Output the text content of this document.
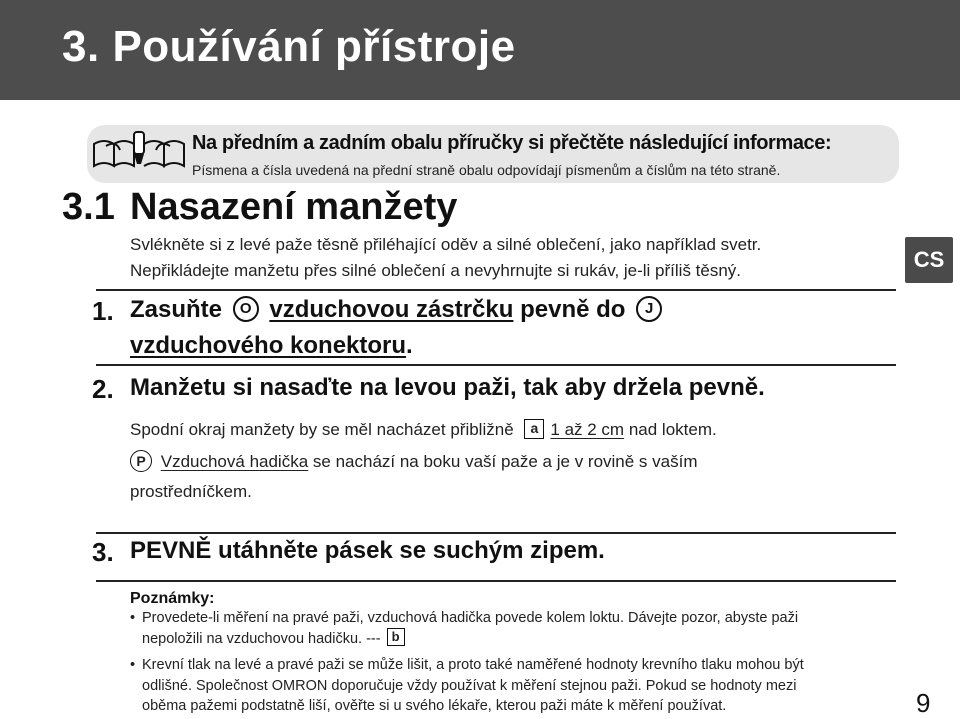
3. Používání přístroje
Na předním a zadním obalu příručky si přečtěte následující informace:
Písmena a čísla uvedená na přední straně obalu odpovídají písmenům a číslům na této straně.
3.1 Nasazení manžety
Svlékněte si z levé paže těsně přiléhající oděv a silné oblečení, jako například svetr.
Nepřikládejte manžetu přes silné oblečení a nevyhrnujte si rukáv, je-li příliš těsný.	CS
1. Zasuňte O vzduchovou zástrčku pevně do J
vzduchového konektoru.
2. Manžetu si nasaďte na levou paži, tak aby držela pevně.
Spodní okraj manžety by se měl nacházet přibližně a 1 až 2 cm nad loktem.
P Vzduchová hadička se nachází na boku vaší paže a je v rovině s vaším
prostředníčkem.
3. PEVNĚ utáhněte pásek se suchým zipem.
Poznámky:
• Provedete-li měření na pravé paži, vzduchová hadička povede kolem loktu. Dávejte pozor, abyste paži
nepoložili na vzduchovou hadičku. --- b
• Krevní tlak na levé a pravé paži se může lišit, a proto také naměřené hodnoty krevního tlaku mohou být
odlišné. Společnost OMRON doporučuje vždy používat k měření stejnou paži. Pokud se hodnoty mezi
oběma pažemi podstatně liší, ověřte si u svého lékaře, kterou paži máte k měření používat.	9
